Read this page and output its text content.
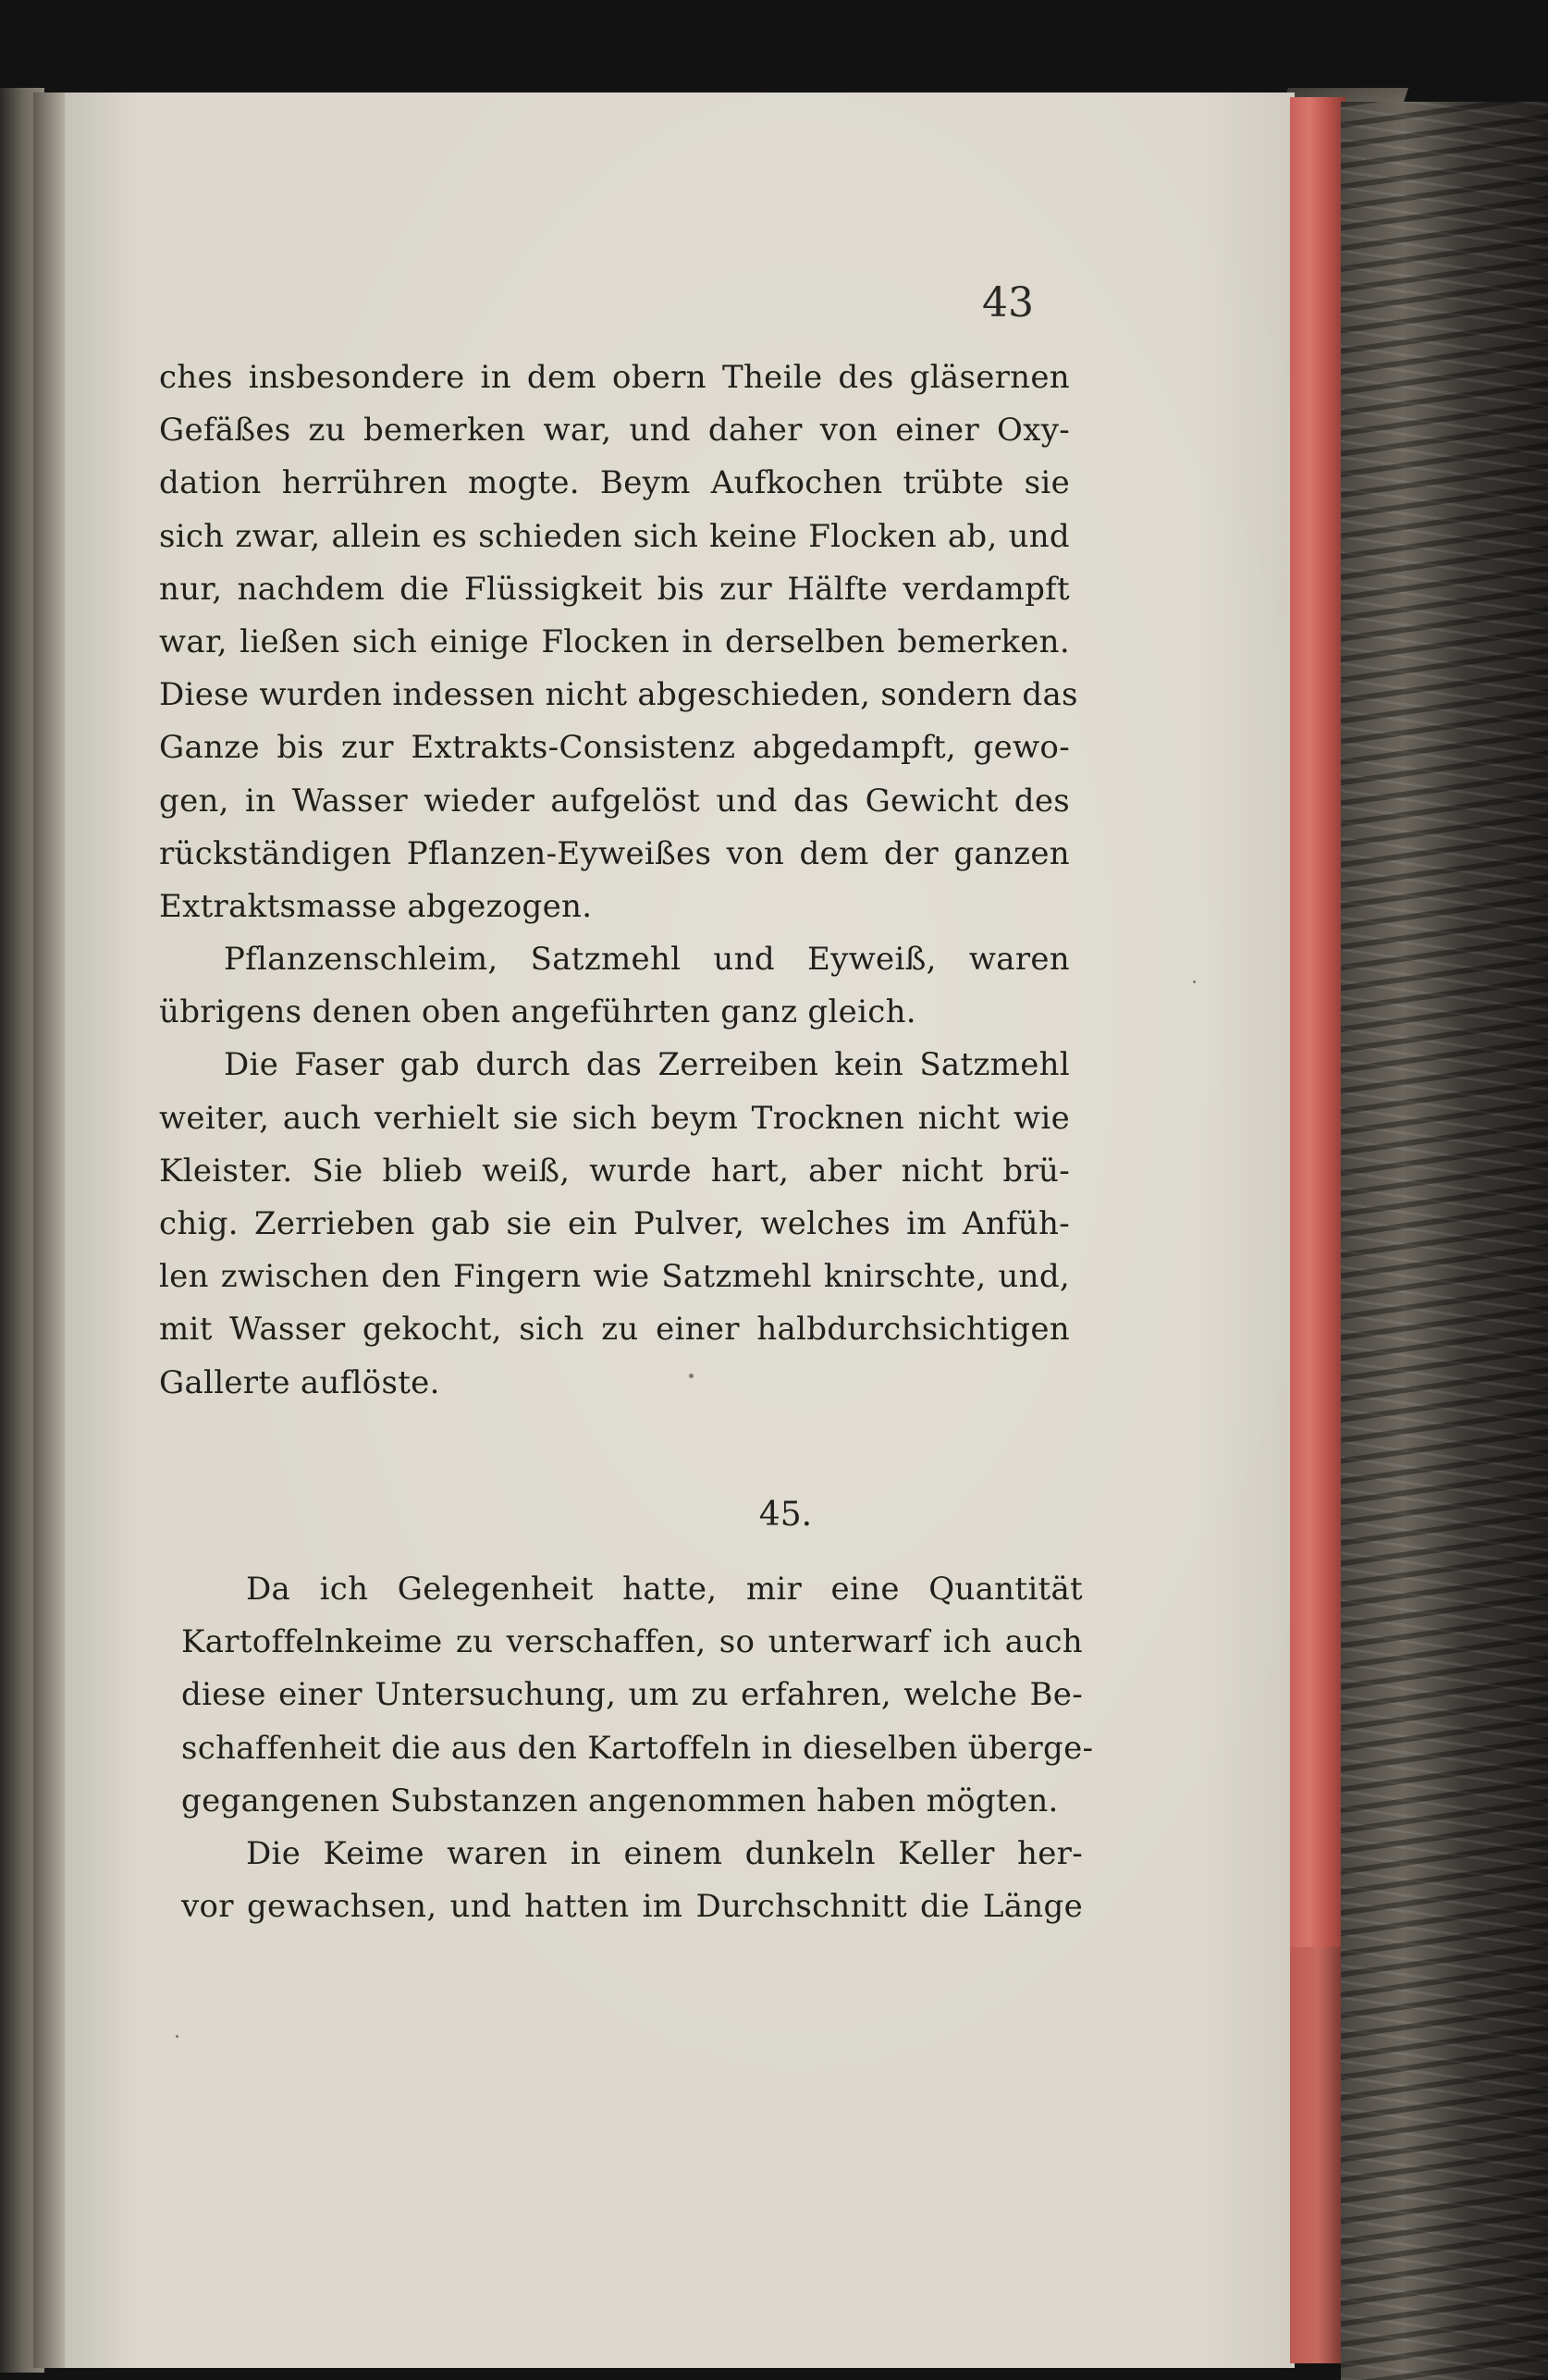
43
ches insbesondere in dem obern Theile des gläsernen
Gefäßes zu bemerken war, und daher von einer Oxy-
dation herrühren mogte. Beym Aufkochen trübte sie
sich zwar, allein es schieden sich keine Flocken ab, und
nur, nachdem die Flüssigkeit bis zur Hälfte verdampft
war, ließen sich einige Flocken in derselben bemerken.
Diese wurden indessen nicht abgeschieden, sondern das
Ganze bis zur Extrakts-Consistenz abgedampft, gewo-
gen, in Wasser wieder aufgelöst und das Gewicht des
rückständigen Pflanzen-Eyweißes von dem der ganzen
Extraktsmasse abgezogen.
Pflanzenschleim, Satzmehl und Eyweiß, waren
übrigens denen oben angeführten ganz gleich.
Die Faser gab durch das Zerreiben kein Satzmehl
weiter, auch verhielt sie sich beym Trocknen nicht wie
Kleister. Sie blieb weiß, wurde hart, aber nicht brü-
chig. Zerrieben gab sie ein Pulver, welches im Anfüh-
len zwischen den Fingern wie Satzmehl knirschte, und,
mit Wasser gekocht, sich zu einer halbdurchsichtigen
Gallerte auflöste.
45.
Da ich Gelegenheit hatte, mir eine Quantität
Kartoffelnkeime zu verschaffen, so unterwarf ich auch
diese einer Untersuchung, um zu erfahren, welche Be-
schaffenheit die aus den Kartoffeln in dieselben überge-
gegangenen Substanzen angenommen haben mögten.
Die Keime waren in einem dunkeln Keller her-
vor gewachsen, und hatten im Durchschnitt die Länge
